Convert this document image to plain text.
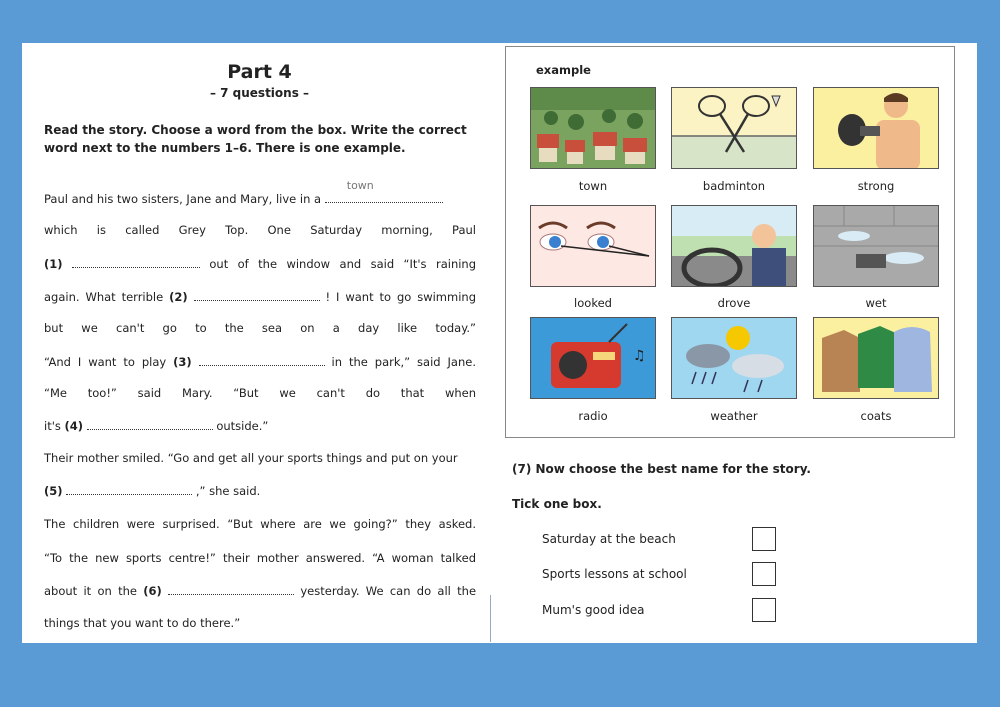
Part 4
– 7 questions –
Read the story. Choose a word from the box. Write the correct word next to the numbers 1–6. There is one example.
Paul and his two sisters, Jane and Mary, live in a
town
which is called Grey Top. One Saturday morning, Paul
(1)	out of the window and said “It's raining
again. What terrible (2)	! I want to go swimming
but we can't go to the sea on a day like today.”
“And I want to play (3)	in the park,” said Jane.
“Me too!” said Mary. “But we can't do that when
it's (4)	outside.”
Their mother smiled. “Go and get all your sports things and put on your
(5)	,” she said.
The children were surprised. “But where are we going?” they asked.
“To the new sports centre!” their mother answered. “A woman talked
about it on the (6)	yesterday. We can do all the
things that you want to do there.”
example
town	badminton	strong
looked	drove	wet
♫
radio	weather	coats
(7) Now choose the best name for the story.
Tick one box.
Saturday at the beach
Sports lessons at school
Mum's good idea
